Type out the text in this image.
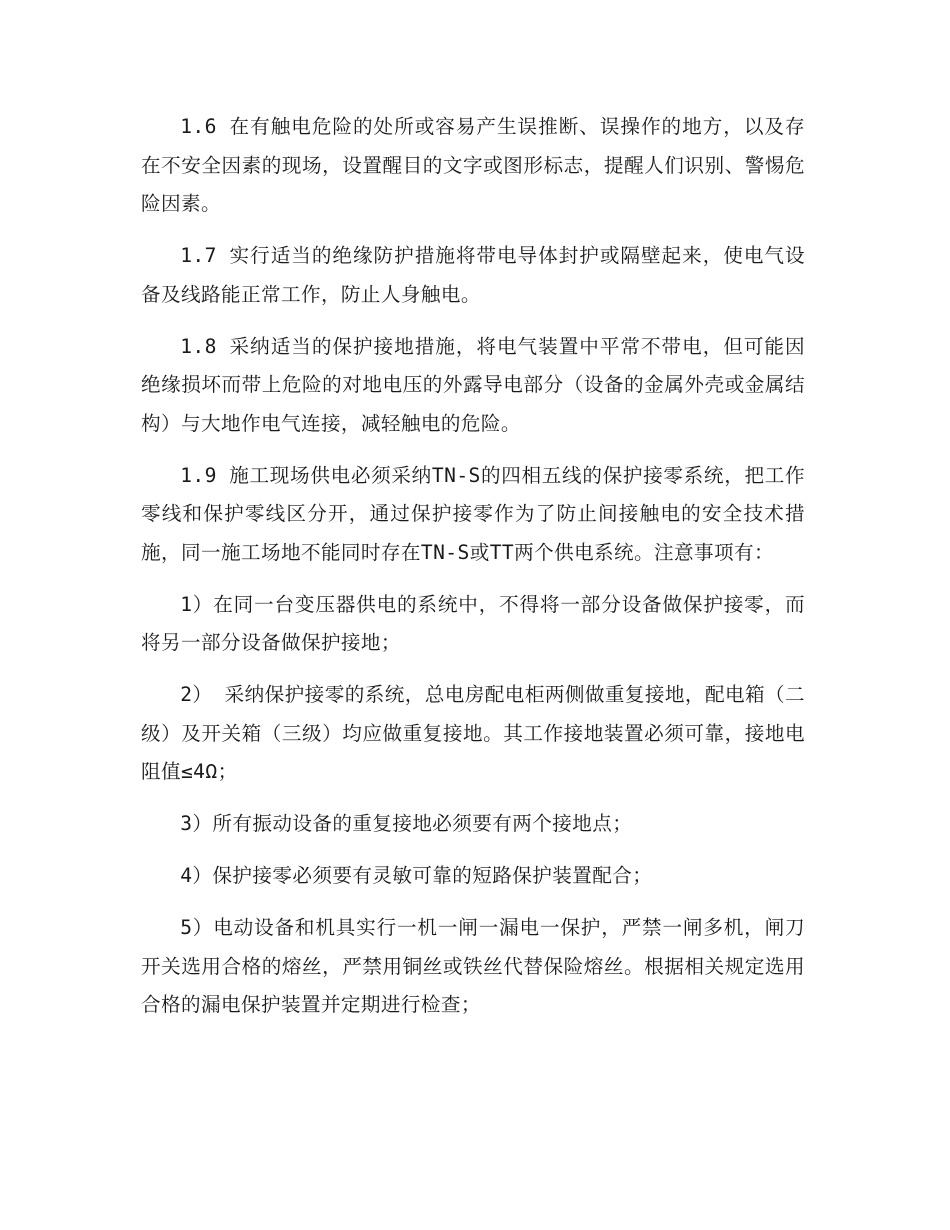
1.6 在有触电危险的处所或容易产生误推断、误操作的地方，以及存在不安全因素的现场，设置醒目的文字或图形标志，提醒人们识别、警惕危险因素。

1.7 实行适当的绝缘防护措施将带电导体封护或隔壁起来，使电气设备及线路能正常工作，防止人身触电。

1.8 采纳适当的保护接地措施，将电气装置中平常不带电，但可能因绝缘损坏而带上危险的对地电压的外露导电部分（设备的金属外壳或金属结构）与大地作电气连接，减轻触电的危险。

1.9 施工现场供电必须采纳TN-S的四相五线的保护接零系统，把工作零线和保护零线区分开，通过保护接零作为了防止间接触电的安全技术措施，同一施工场地不能同时存在TN-S或TT两个供电系统。注意事项有：

1）在同一台变压器供电的系统中，不得将一部分设备做保护接零，而将另一部分设备做保护接地；

2） 采纳保护接零的系统，总电房配电柜两侧做重复接地，配电箱（二级）及开关箱（三级）均应做重复接地。其工作接地装置必须可靠，接地电阻值≤4Ω；

3）所有振动设备的重复接地必须要有两个接地点；

4）保护接零必须要有灵敏可靠的短路保护装置配合；

5）电动设备和机具实行一机一闸一漏电一保护，严禁一闸多机，闸刀开关选用合格的熔丝，严禁用铜丝或铁丝代替保险熔丝。根据相关规定选用合格的漏电保护装置并定期进行检查；
